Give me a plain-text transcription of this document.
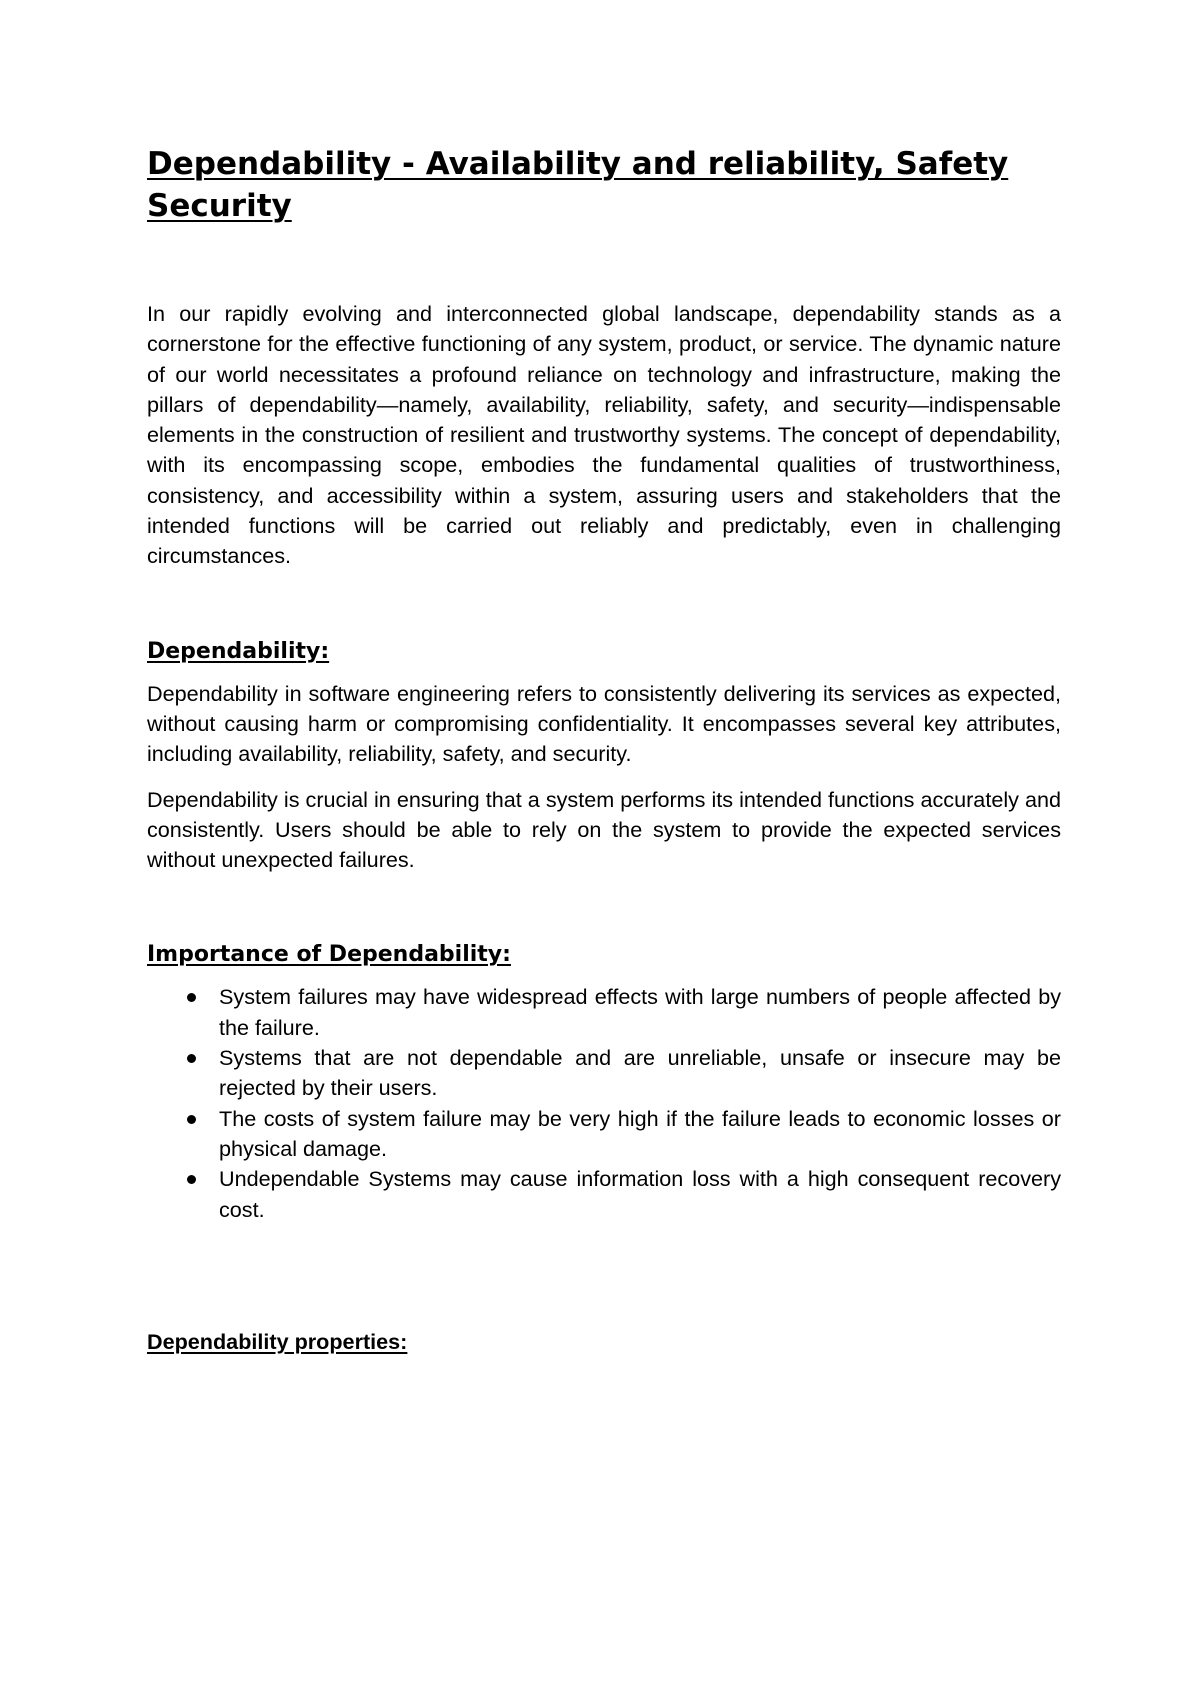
Dependability - Availability and reliability, Safety Security

In our rapidly evolving and interconnected global landscape, dependability stands as a cornerstone for the effective functioning of any system, product, or service. The dynamic nature of our world necessitates a profound reliance on technology and infrastructure, making the pillars of dependability—namely, availability, reliability, safety, and security—indispensable elements in the construction of resilient and trustworthy systems. The concept of dependability, with its encompassing scope, embodies the fundamental qualities of trustworthiness, consistency, and accessibility within a system, assuring users and stakeholders that the intended functions will be carried out reliably and predictably, even in challenging circumstances.

Dependability:

Dependability in software engineering refers to consistently delivering its services as expected, without causing harm or compromising confidentiality. It encompasses several key attributes, including availability, reliability, safety, and security.

Dependability is crucial in ensuring that a system performs its intended functions accurately and consistently. Users should be able to rely on the system to provide the expected services without unexpected failures.

Importance of Dependability:
System failures may have widespread effects with large numbers of people affected by the failure.
Systems that are not dependable and are unreliable, unsafe or insecure may be rejected by their users.
The costs of system failure may be very high if the failure leads to economic losses or physical damage.
Undependable Systems may cause information loss with a high consequent recovery cost.
Dependability properties:
